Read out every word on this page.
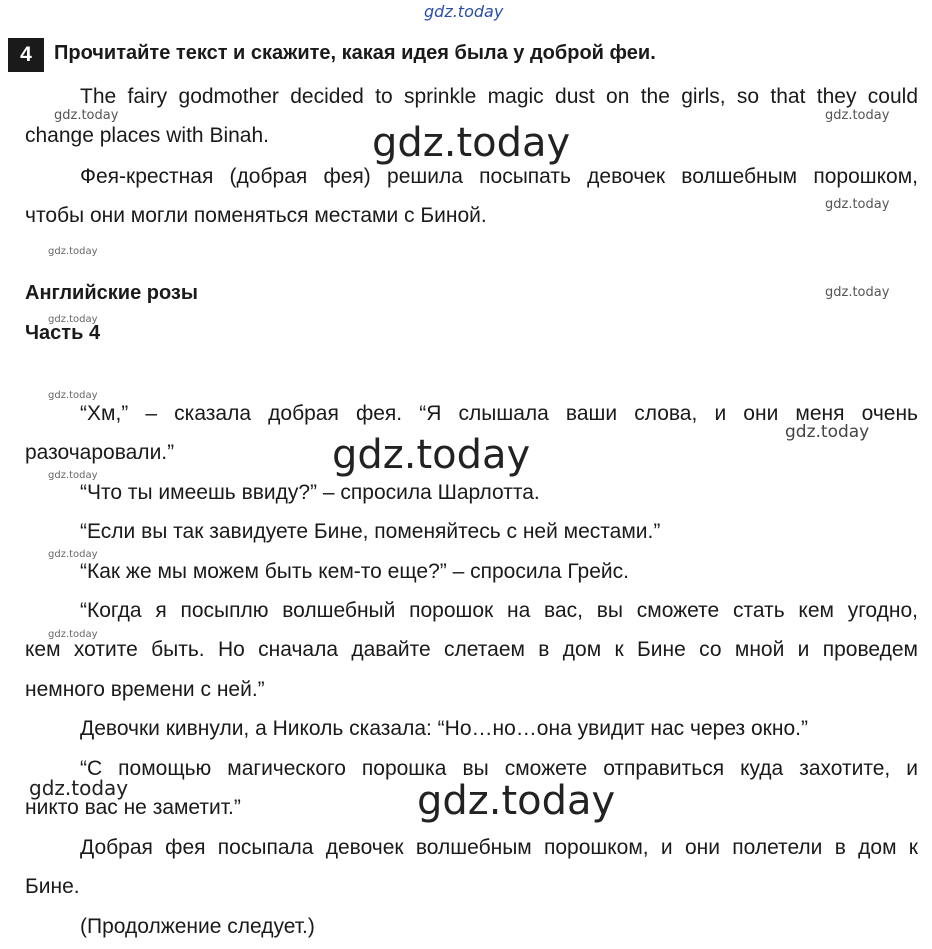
gdz.today
gdz.today	gdz.today
gdz.today
gdz.today
gdz.today
gdz.today
gdz.today
gdz.today
gdz.today
gdz.today
gdz.today
gdz.today
gdz.today
gdz.today	gdz.today
4	Прочитайте текст и скажите, какая идея была у доброй феи.
The fairy godmother decided to sprinkle magic dust on the girls, so that they could
change places with Binah.
Фея-крестная (добрая фея) решила посыпать девочек волшебным порошком,
чтобы они могли поменяться местами с Биной.
Английские розы
Часть 4
“Хм,” – сказала добрая фея. “Я слышала ваши слова, и они меня очень
разочаровали.”
“Что ты имеешь ввиду?” – спросила Шарлотта.
“Если вы так завидуете Бине, поменяйтесь с ней местами.”
“Как же мы можем быть кем-то еще?” – спросила Грейс.
“Когда я посыплю волшебный порошок на вас, вы сможете стать кем угодно,
кем хотите быть. Но сначала давайте слетаем в дом к Бине со мной и проведем
немного времени с ней.”
Девочки кивнули, а Николь сказала: “Но…но…она увидит нас через окно.”
“С помощью магического порошка вы сможете отправиться куда захотите, и
никто вас не заметит.”
Добрая фея посыпала девочек волшебным порошком, и они полетели в дом к
Бине.
(Продолжение следует.)
